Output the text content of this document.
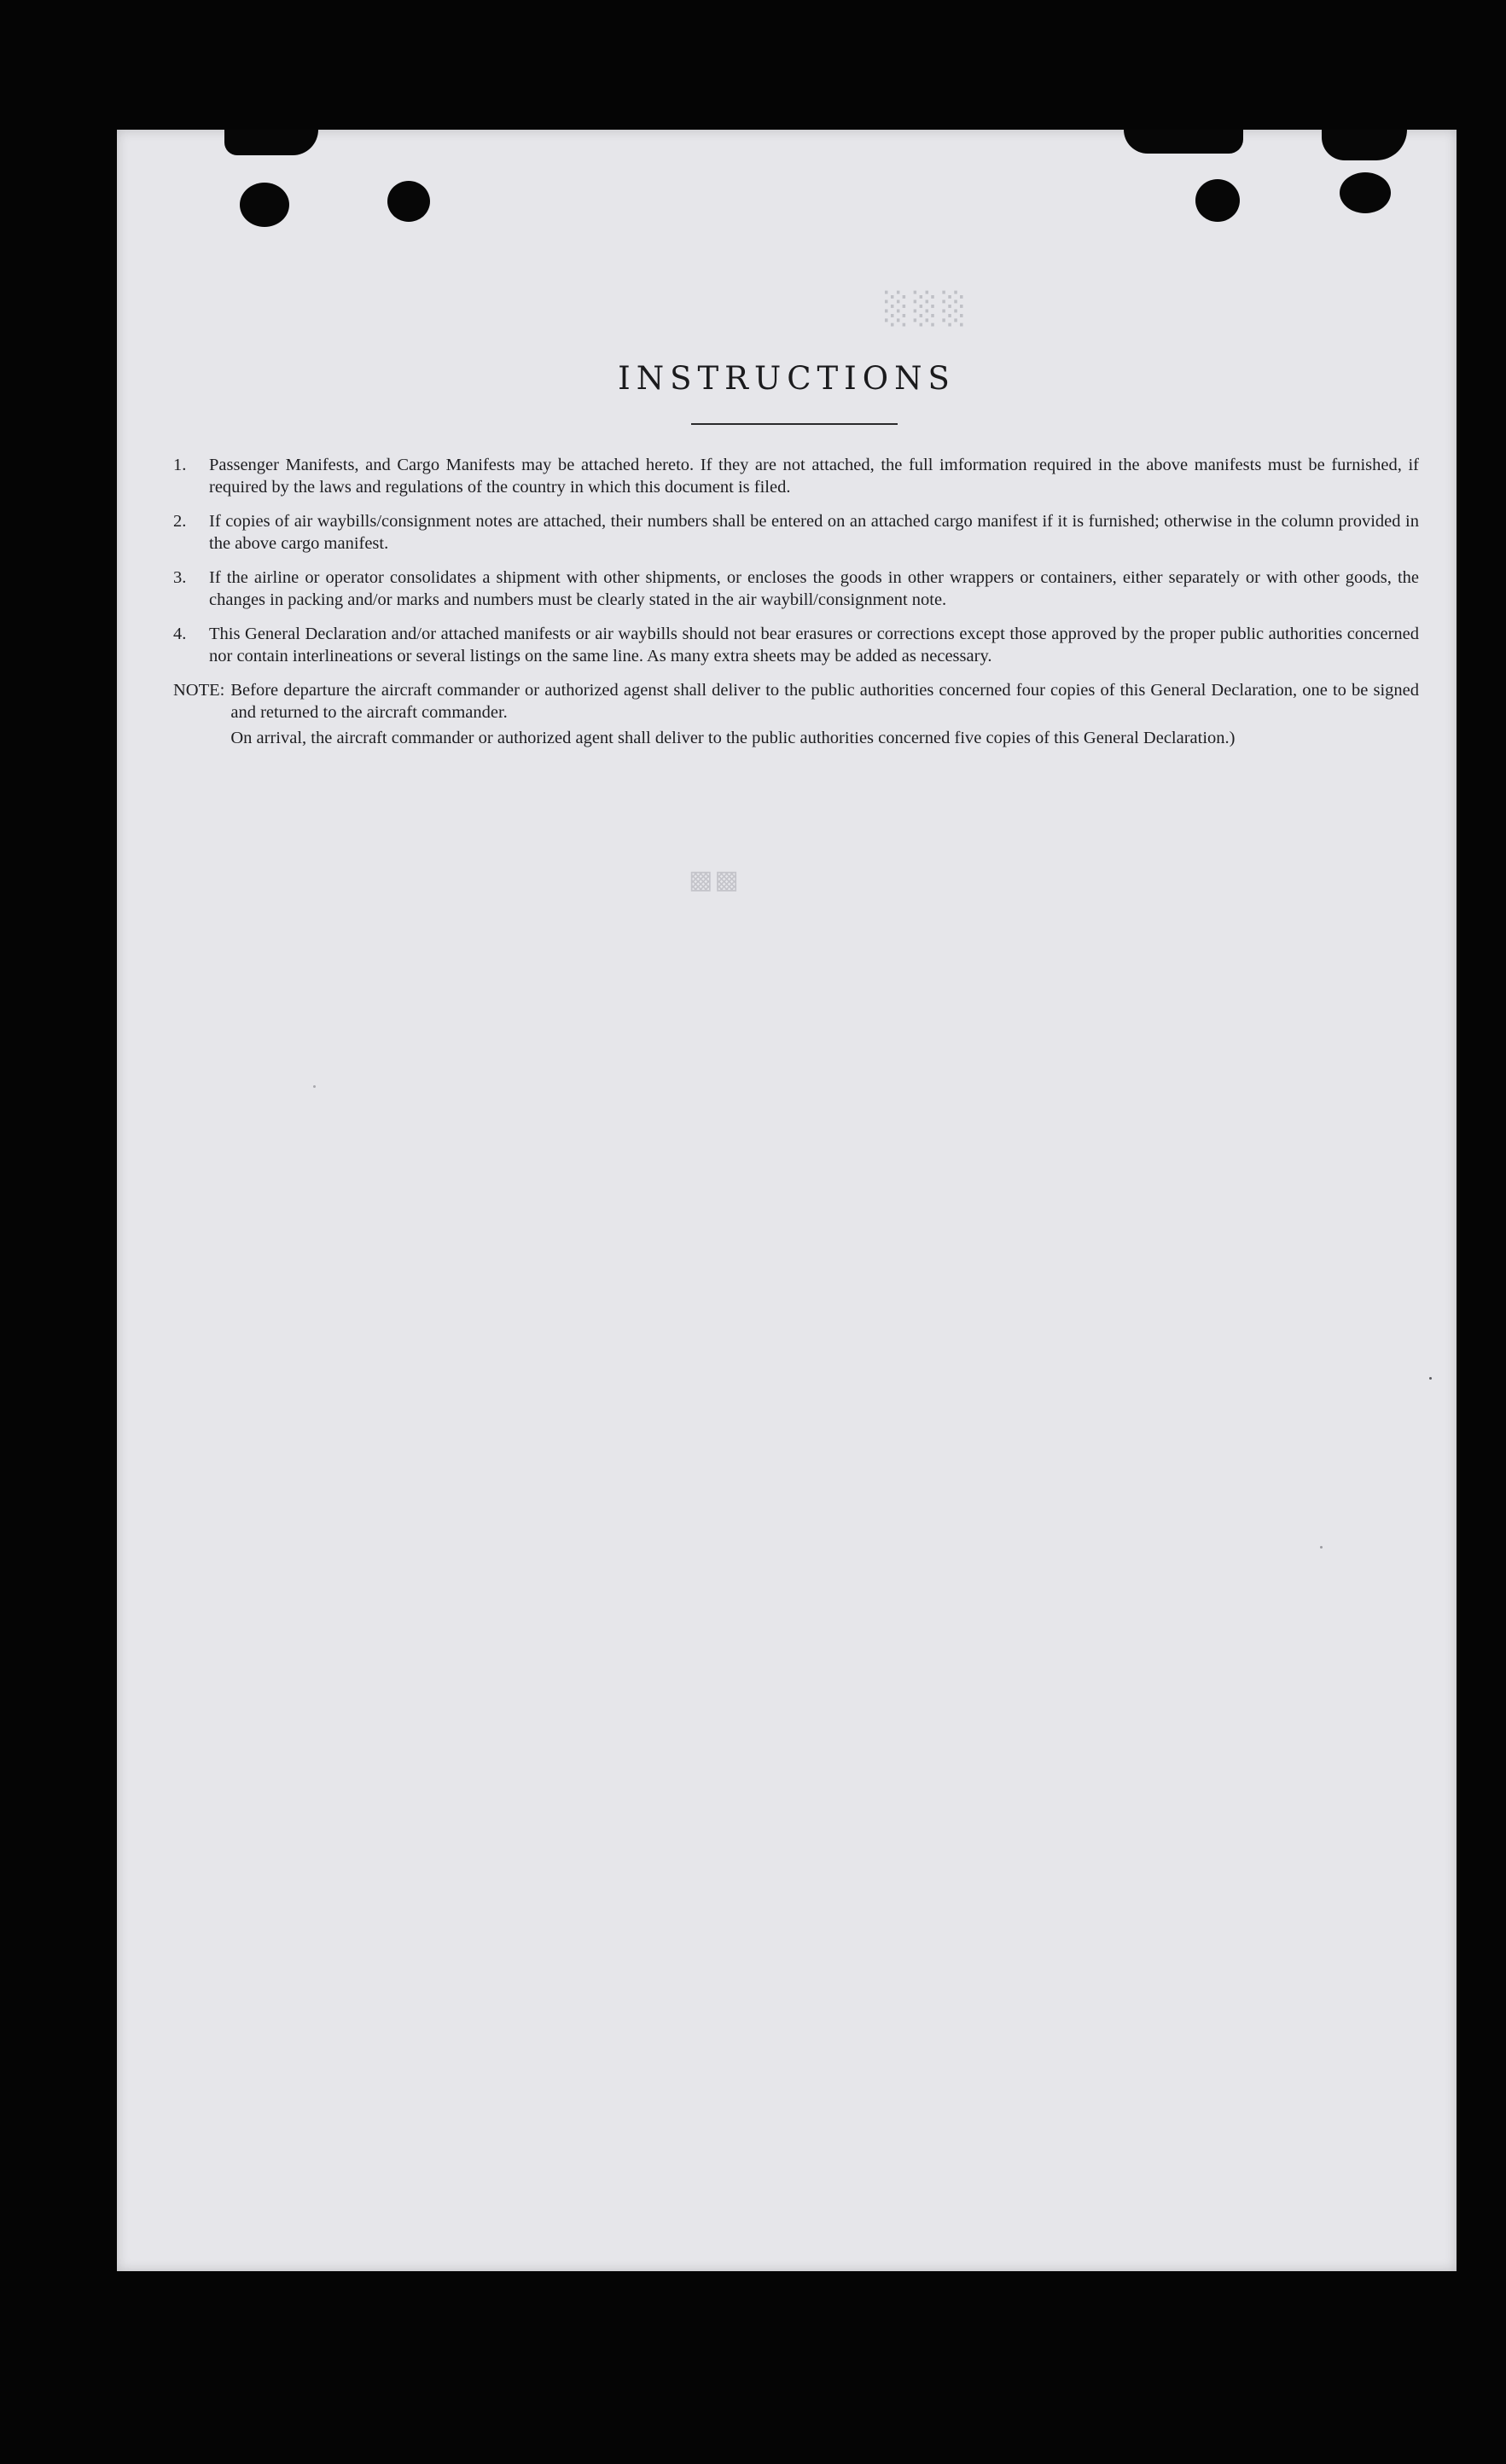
░░░
INSTRUCTIONS
1.	Passenger Manifests, and Cargo Manifests may be attached hereto. If they are not attached, the full imformation required in the above manifests must be furnished, if required by the laws and regulations of the country in which this document is filed.
2.	If copies of air waybills/consignment notes are attached, their numbers shall be entered on an attached cargo manifest if it is furnished; otherwise in the column provided in the above cargo manifest.
3.	If the airline or operator consolidates a shipment with other shipments, or encloses the goods in other wrappers or containers, either separately or with other goods, the changes in packing and/or marks and numbers must be clearly stated in the air waybill/consignment note.
4.	This General Declaration and/or attached manifests or air waybills should not bear erasures or corrections except those approved by the proper public authorities concerned nor contain interlineations or several listings on the same line. As many extra sheets may be added as necessary.
NOTE: Before departure the aircraft commander or authorized agenst shall deliver to the public authorities concerned four copies of this General Declaration, one to be signed and returned to the aircraft commander.
On arrival, the aircraft commander or authorized agent shall deliver to the public authorities concerned five copies of this General Declaration.)
▩▩
